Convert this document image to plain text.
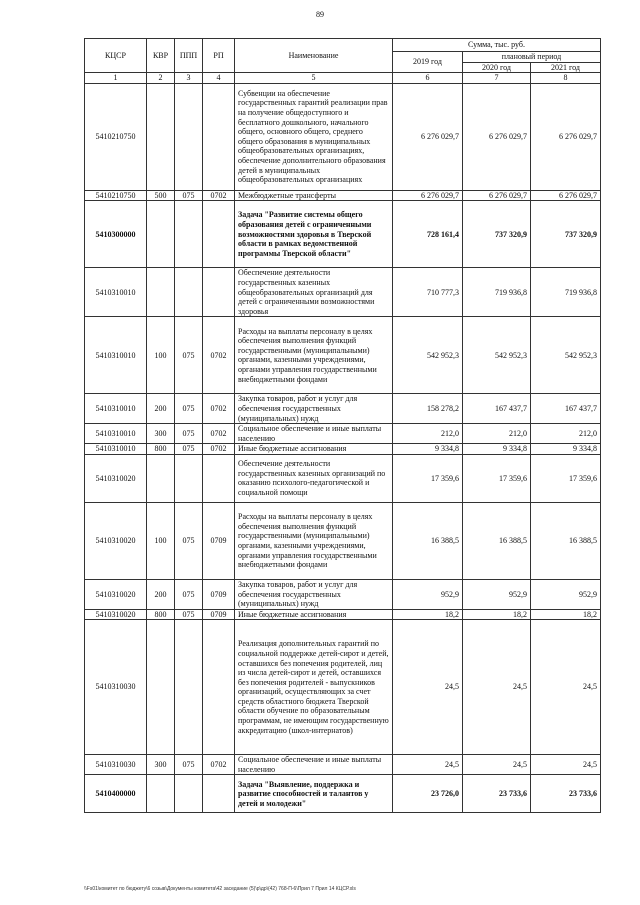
89
КЦСР	КВР	ППП	РП	Наименование	Сумма, тыс. руб.		
					2019 год	плановый период	
						2020 год	2021 год
1	2	3	4	5	6	7	8
5410210750				Субвенции на обеспечение государственных гарантий реализации прав на получение общедоступного и бесплатного дошкольного, начального общего, основного общего, среднего общего образования в муниципальных общеобразовательных организациях, обеспечение дополнительного образования детей в муниципальных общеобразовательных организациях	6 276 029,7	6 276 029,7	6 276 029,7
5410210750	500	075	0702	Межбюджетные трансферты	6 276 029,7	6 276 029,7	6 276 029,7
5410300000				Задача "Развитие системы общего образования детей с ограниченными возможностями здоровья в Тверской области в рамках ведомственной программы Тверской области"	728 161,4	737 320,9	737 320,9
5410310010				Обеспечение деятельности государственных казенных общеобразовательных организаций для детей с ограниченными возможностями здоровья	710 777,3	719 936,8	719 936,8
5410310010	100	075	0702	Расходы на выплаты персоналу в целях обеспечения выполнения функций государственными (муниципальными) органами, казенными учреждениями, органами управления государственными внебюджетными фондами	542 952,3	542 952,3	542 952,3
5410310010	200	075	0702	Закупка товаров, работ и услуг для обеспечения государственных (муниципальных) нужд	158 278,2	167 437,7	167 437,7
5410310010	300	075	0702	Социальное обеспечение и иные выплаты населению	212,0	212,0	212,0
5410310010	800	075	0702	Иные бюджетные ассигнования	9 334,8	9 334,8	9 334,8
5410310020				Обеспечение деятельности государственных казенных организаций по оказанию психолого-педагогической и социальной помощи	17 359,6	17 359,6	17 359,6
5410310020	100	075	0709	Расходы на выплаты персоналу в целях обеспечения выполнения функций государственными (муниципальными) органами, казенными учреждениями, органами управления государственными внебюджетными фондами	16 388,5	16 388,5	16 388,5
5410310020	200	075	0709	Закупка товаров, работ и услуг для обеспечения государственных (муниципальных) нужд	952,9	952,9	952,9
5410310020	800	075	0709	Иные бюджетные ассигнования	18,2	18,2	18,2
5410310030				Реализация дополнительных гарантий по социальной поддержке детей-сирот и детей, оставшихся без попечения родителей, лиц из числа детей-сирот и детей, оставшихся без попечения родителей - выпускников организаций, осуществляющих за счет средств областного бюджета Тверской области обучение по образовательным программам, не имеющим государственную аккредитацию (школ-интернатов)	24,5	24,5	24,5
5410310030	300	075	0702	Социальное обеспечение и иные выплаты населению	24,5	24,5	24,5
5410400000				Задача "Выявление, поддержка и развитие способностей и талантов у детей и молодежи"	23 726,0	23 733,6	23 733,6
\\Fs01\комитет по бюджету\6 созыв\Документы комитета\42 заседание (5)\р\др\(42) 768-П-6\Прил 7 Прил 14 КЦСР.xls
